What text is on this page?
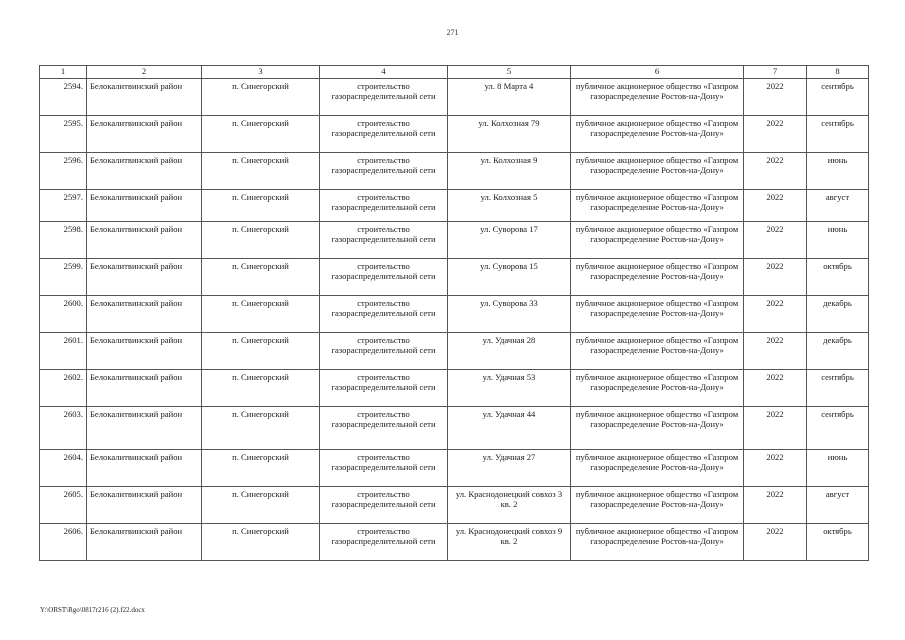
271
1	2	3	4	5	6	7	8
2594.	Белокалитвинский район	п. Синегорский	строительство газораспределительной сети	ул. 8 Марта 4	публичное акционерное общество «Газпром газораспределение Ростов-на-Дону»	2022	сентябрь
2595.	Белокалитвинский район	п. Синегорский	строительство газораспределительной сети	ул. Колхозная 79	публичное акционерное общество «Газпром газораспределение Ростов-на-Дону»	2022	сентябрь
2596.	Белокалитвинский район	п. Синегорский	строительство газораспределительной сети	ул. Колхозная 9	публичное акционерное общество «Газпром газораспределение Ростов-на-Дону»	2022	июнь
2597.	Белокалитвинский район	п. Синегорский	строительство газораспределительной сети	ул. Колхозная 5	публичное акционерное общество «Газпром газораспределение Ростов-на-Дону»	2022	август
2598.	Белокалитвинский район	п. Синегорский	строительство газораспределительной сети	ул. Суворова 17	публичное акционерное общество «Газпром газораспределение Ростов-на-Дону»	2022	июнь
2599.	Белокалитвинский район	п. Синегорский	строительство газораспределительной сети	ул. Суворова 15	публичное акционерное общество «Газпром газораспределение Ростов-на-Дону»	2022	октябрь
2600.	Белокалитвинский район	п. Синегорский	строительство газораспределительной сети	ул. Суворова 33	публичное акционерное общество «Газпром газораспределение Ростов-на-Дону»	2022	декабрь
2601.	Белокалитвинский район	п. Синегорский	строительство газораспределительной сети	ул. Удачная 28	публичное акционерное общество «Газпром газораспределение Ростов-на-Дону»	2022	декабрь
2602.	Белокалитвинский район	п. Синегорский	строительство газораспределительной сети	ул. Удачная 53	публичное акционерное общество «Газпром газораспределение Ростов-на-Дону»	2022	сентябрь
2603.	Белокалитвинский район	п. Синегорский	строительство газораспределительной сети	ул. Удачная 44	публичное акционерное общество «Газпром газораспределение Ростов-на-Дону»	2022	сентябрь
2604.	Белокалитвинский район	п. Синегорский	строительство газораспределительной сети	ул. Удачная 27	публичное акционерное общество «Газпром газораспределение Ростов-на-Дону»	2022	июнь
2605.	Белокалитвинский район	п. Синегорский	строительство газораспределительной сети	ул. Краснодонецкий совхоз 3 кв. 2	публичное акционерное общество «Газпром газораспределение Ростов-на-Дону»	2022	август
2606.	Белокалитвинский район	п. Синегорский	строительство газораспределительной сети	ул. Краснодонецкий совхоз 9 кв. 2	публичное акционерное общество «Газпром газораспределение Ростов-на-Дону»	2022	октябрь
Y:\ORST\Rgo\0817r216 (2).f22.docx
